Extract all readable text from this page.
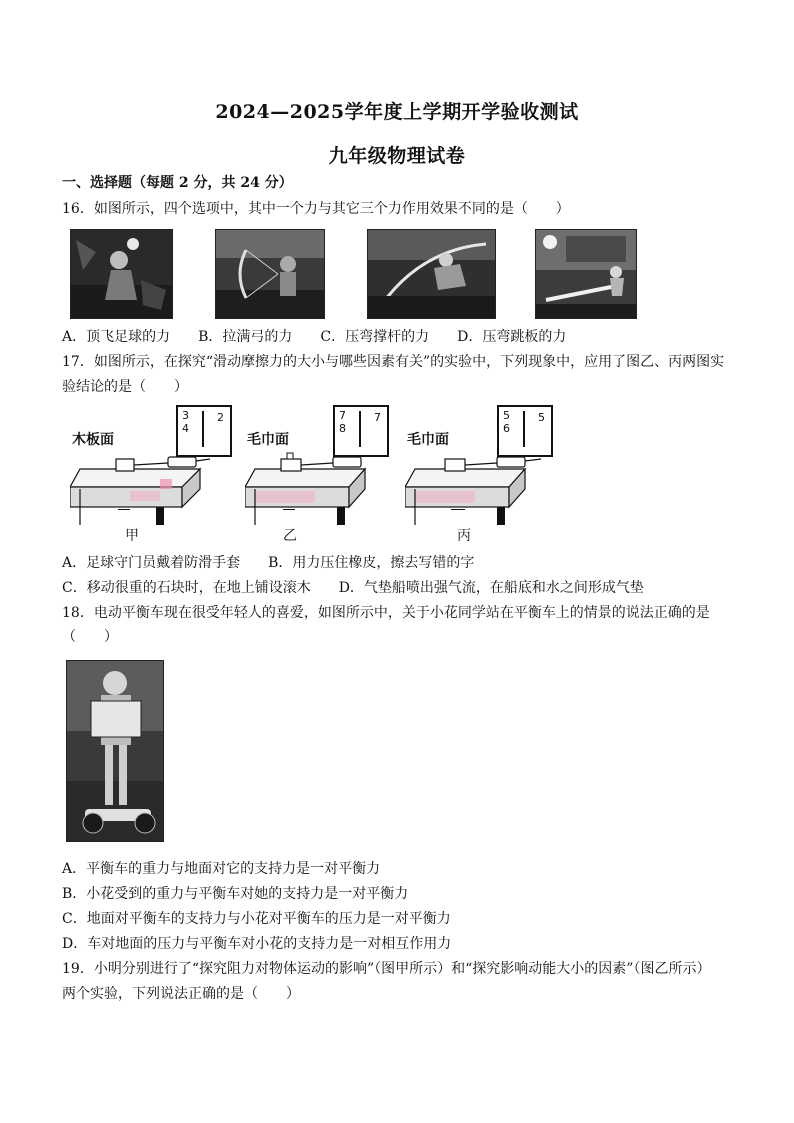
2024—2025学年度上学期开学验收测试
九年级物理试卷
一、选择题（每题 2 分，共 24 分）
16．如图所示，四个选项中，其中一个力与其它三个力作用效果不同的是（　　）
A．顶飞足球的力　　B．拉满弓的力　　C．压弯撑杆的力　　D．压弯跳板的力
17．如图所示，在探究“滑动摩擦力的大小与哪些因素有关”的实验中，下列现象中，应用了图乙、丙两图实
验结论的是（　　）
木板面
3
4
2
甲
毛巾面
7
8
7
乙
毛巾面
5
6
5
丙
A．足球守门员戴着防滑手套　　B．用力压住橡皮，擦去写错的字
C．移动很重的石块时，在地上铺设滚木　　D．气垫船喷出强气流，在船底和水之间形成气垫
18．电动平衡车现在很受年轻人的喜爱，如图所示中，关于小花同学站在平衡车上的情景的说法正确的是
（　　）
A．平衡车的重力与地面对它的支持力是一对平衡力
B．小花受到的重力与平衡车对她的支持力是一对平衡力
C．地面对平衡车的支持力与小花对平衡车的压力是一对平衡力
D．车对地面的压力与平衡车对小花的支持力是一对相互作用力
19．小明分别进行了“探究阻力对物体运动的影响”（图甲所示）和“探究影响动能大小的因素”（图乙所示）
两个实验，下列说法正确的是（　　）
